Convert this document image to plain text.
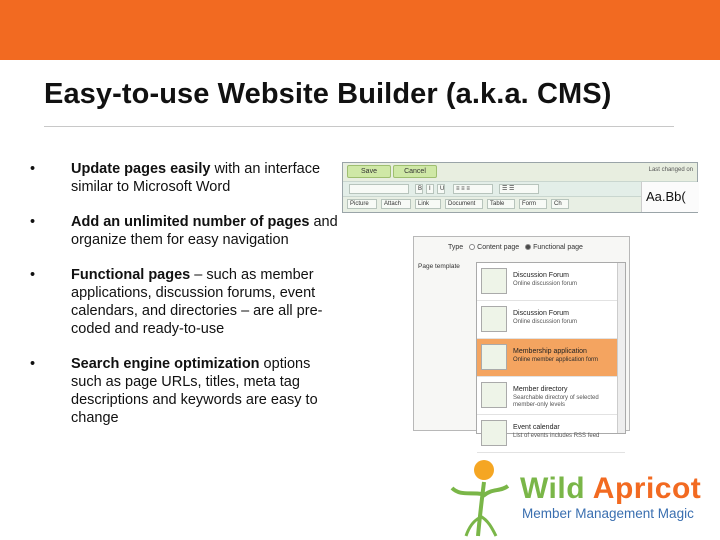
Easy-to-use Website Builder (a.k.a. CMS)
•	Update pages easily with an interface similar to Microsoft Word
•	Add an unlimited number of pages and organize them for easy navigation
•	Functional pages – such as member applications, discussion forums, event calendars, and directories – are all pre-coded and ready-to-use
•	Search engine optimization options such as page URLs, titles, meta tag descriptions and keywords are easy to change
Save	Cancel	Last changed on

B	I	U	≡ ≡ ≡	☰ ☰
Picture	Attach	Link	Document	Table	Form	Ch	Aa.Bb(
Type Content page Functional page
Page template
Discussion Forum
Online discussion forum
Discussion Forum
Online discussion forum
Membership application
Online member application form
Member directory
Searchable directory of selected member-only levels
Event calendar
List of events includes RSS feed
Wild Apricot
Member Management Magic
